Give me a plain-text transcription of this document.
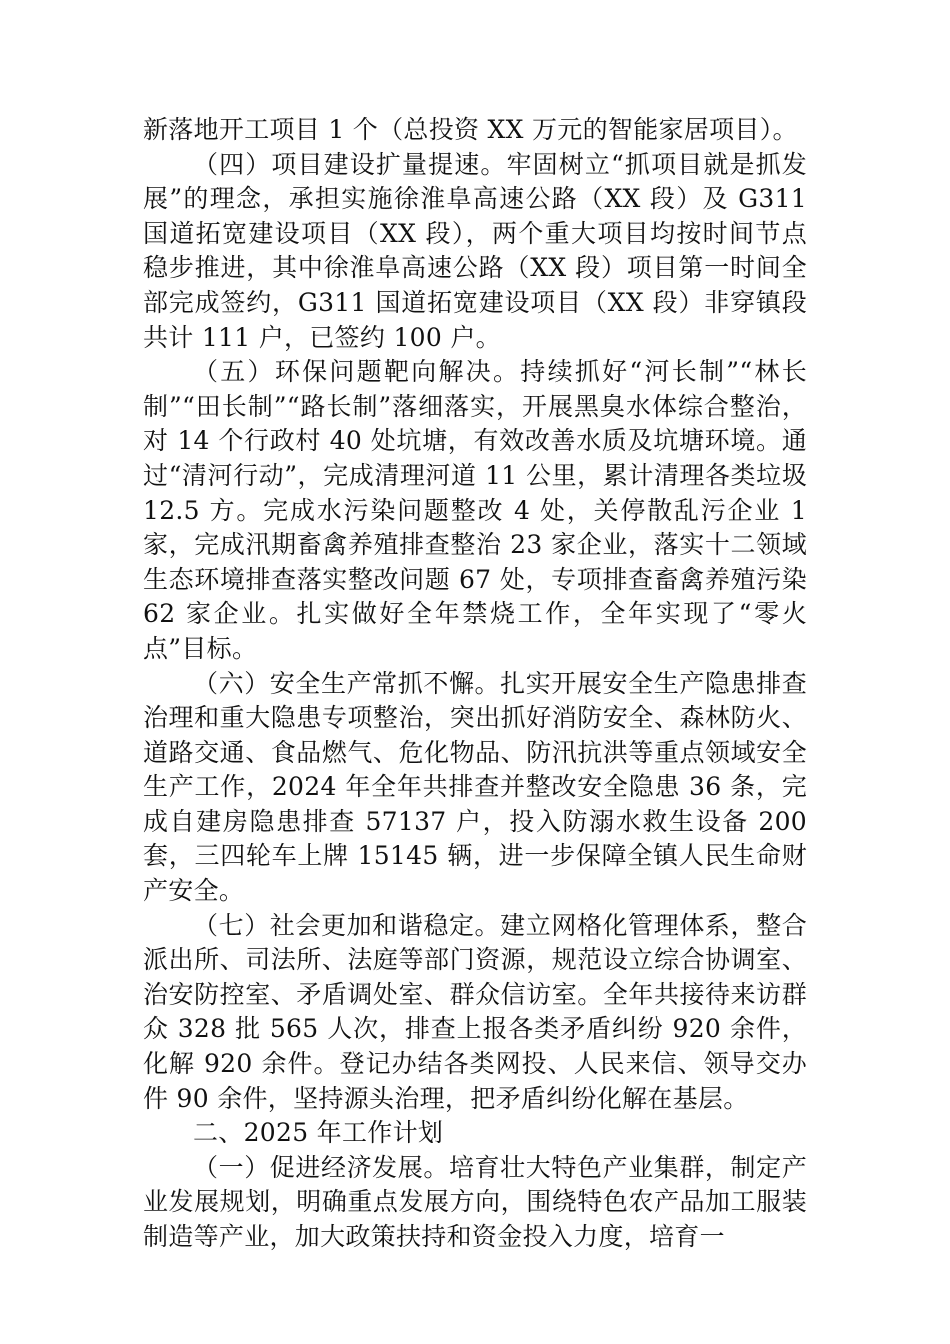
新落地开工项目 1 个（总投资 XX 万元的智能家居项目）。

（四）项目建设扩量提速。牢固树立“抓项目就是抓发展”的理念，承担实施徐淮阜高速公路（XX 段）及 G311 国道拓宽建设项目（XX 段），两个重大项目均按时间节点稳步推进，其中徐淮阜高速公路（XX 段）项目第一时间全部完成签约，G311 国道拓宽建设项目（XX 段）非穿镇段共计 111 户，已签约 100 户。

（五）环保问题靶向解决。持续抓好“河长制”“林长制”“田长制”“路长制”落细落实，开展黑臭水体综合整治，对 14 个行政村 40 处坑塘，有效改善水质及坑塘环境。通过“清河行动”，完成清理河道 11 公里，累计清理各类垃圾 12.5 方。完成水污染问题整改 4 处，关停散乱污企业 1 家，完成汛期畜禽养殖排查整治 23 家企业，落实十二领域生态环境排查落实整改问题 67 处，专项排查畜禽养殖污染 62 家企业。扎实做好全年禁烧工作，全年实现了“零火点”目标。

（六）安全生产常抓不懈。扎实开展安全生产隐患排查治理和重大隐患专项整治，突出抓好消防安全、森林防火、道路交通、食品燃气、危化物品、防汛抗洪等重点领域安全生产工作，2024 年全年共排查并整改安全隐患 36 条，完成自建房隐患排查 57137 户，投入防溺水救生设备 200 套，三四轮车上牌 15145 辆，进一步保障全镇人民生命财产安全。

（七）社会更加和谐稳定。建立网格化管理体系，整合派出所、司法所、法庭等部门资源，规范设立综合协调室、治安防控室、矛盾调处室、群众信访室。全年共接待来访群众 328 批 565 人次，排查上报各类矛盾纠纷 920 余件，化解 920 余件。登记办结各类网投、人民来信、领导交办件 90 余件，坚持源头治理，把矛盾纠纷化解在基层。

二、2025 年工作计划

（一）促进经济发展。培育壮大特色产业集群，制定产业发展规划，明确重点发展方向，围绕特色农产品加工服装制造等产业，加大政策扶持和资金投入力度，培育一
